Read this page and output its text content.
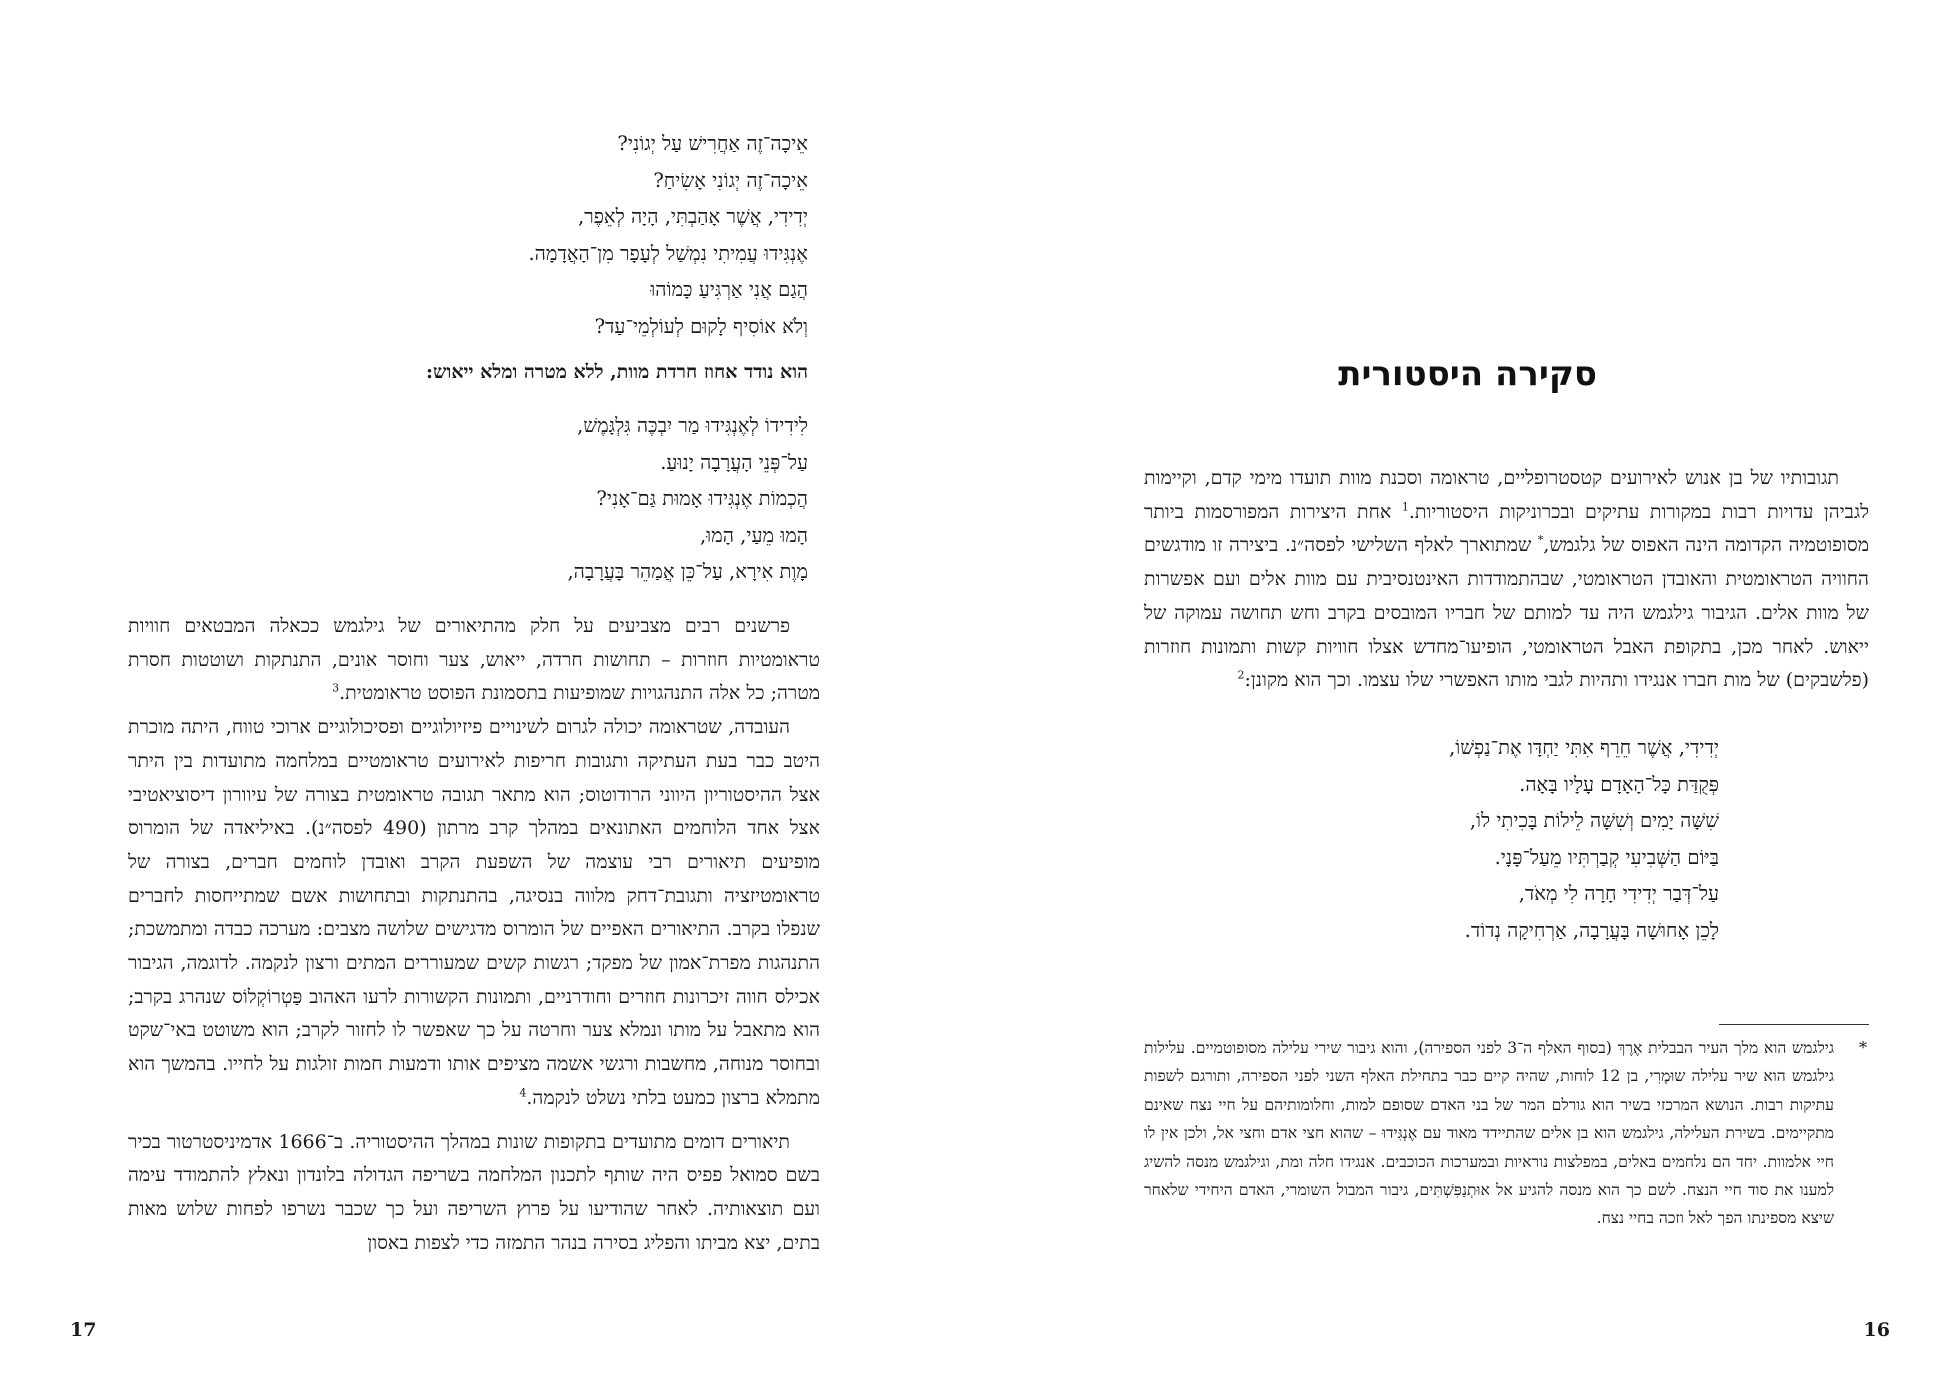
אֵיכָה־זֶה אַחֲרִישׁ עַל יְגוֹנִי?
אֵיכָה־זֶה יְגוֹנִי אָשִׂיחַ?
יְדִידִי, אֲשֶׁר אָהַבְתִּי, הָיָה לְאֵפֶר,
אֶנְגִּידוּ עֲמִיתִי נִמְשַׁל לְעָפָר מִן־הָאֲדָמָה.
הֲגַם אֲנִי אַרְגִּיעַ כָּמוֹהוּ
וְלֹא אוֹסִיף לָקוּם לְעוֹלְמֵי־עַד?

הוא נודד אחוז חרדת מוות, ללא מטרה ומלא ייאוש:

לִידִידוֹ לְאֶנְגִּידוּ מַר יִבְכֶּה גִּלְגָּמֶשׁ,
עַל־פְּנֵי הָעֲרָבָה יָנוּעַ.
הֲכְמוֹת אֶנְגִּידוּ אָמוּת גַּם־אָנִי?
הָמוּ מֵעַי, הָמוּ,
מָוֶת אִירָא, עַל־כֵּן אֲמַהֵר בָּעֲרָבָה,

פרשנים רבים מצביעים על חלק מהתיאורים של גילגמש ככאלה המבטאים חוויות טראומטיות חוזרות – תחושות חרדה, ייאוש, צער וחוסר אונים, התנתקות ושוטטות חסרת מטרה; כל אלה התנהגויות שמופיעות בתסמונת הפוסט טראומטית.$^3$

העובדה, שטראומה יכולה לגרום לשינויים פיזיולוגיים ופסיכולוגיים ארוכי טווח, היתה מוכרת היטב כבר בעת העתיקה ותגובות חריפות לאירועים טראומטיים במלחמה מתועדות בין היתר אצל ההיסטוריון היווני הרודוטוס; הוא מתאר תגובה טראומטית בצורה של עיוורון דיסוציאטיבי אצל אחד הלוחמים האתונאים במהלך קרב מרתון (490 לפסה״נ). באיליאדה של הומרוס מופיעים תיאורים רבי עוצמה של השפעת הקרב ואובדן לוחמים חברים, בצורה של טראומטיזציה ותגובת־דחק מלווה בנסיגה, בהתנתקות ובתחושות אשם שמתייחסות לחברים שנפלו בקרב. התיאורים האפיים של הומרוס מדגישים שלושה מצבים: מערכה כבדה ומתמשכת; התנהגות מפרת־אמון של מפקד; רגשות קשים שמעוררים המתים ורצון לנקמה. לדוגמה, הגיבור אכילס חווה זיכרונות חוזרים וחודרניים, ותמונות הקשורות לרעו האהוב פַּטְרוֹקְלוֹס שנהרג בקרב; הוא מתאבל על מותו ונמלא צער וחרטה על כך שאפשר לו לחזור לקרב; הוא משוטט באי־שקט ובחוסר מנוחה, מחשבות ורגשי אשמה מציפים אותו ודמעות חמות זולגות על לחייו. בהמשך הוא מתמלא ברצון כמעט בלתי נשלט לנקמה.$^4$

תיאורים דומים מתועדים בתקופות שונות במהלך ההיסטוריה. ב־1666 אדמיניסטרטור בכיר בשם סמואל פפיס היה שותף לתכנון המלחמה בשריפה הגדולה בלונדון ונאלץ להתמודד עימה ועם תוצאותיה. לאחר שהודיעו על פרוץ השריפה ועל כך שכבר נשרפו לפחות שלוש מאות בתים, יצא מביתו והפליג בסירה בנהר התמזה כדי לצפות באסון

17
סקירה היסטורית

תגובותיו של בן אנוש לאירועים קטסטרופליים, טראומה וסכנת מוות תועדו מימי קדם, וקיימות לגביהן עדויות רבות במקורות עתיקים ובכרוניקות היסטוריות.$^1$ אחת היצירות המפורסמות ביותר מסופוטמיה הקדומה הינה האפוס של גלגמש,* שמתוארך לאלף השלישי לפסה״נ. ביצירה זו מודגשים החוויה הטראומטית והאובדן הטראומטי, שבהתמודדות האינטנסיבית עם מוות אלים ועם אפשרות של מוות אלים. הגיבור גילגמש היה עד למותם של חבריו המובסים בקרב וחש תחושה עמוקה של ייאוש. לאחר מכן, בתקופת האבל הטראומטי, הופיעו־מחדש אצלו חוויות קשות ותמונות חוזרות (פלשבקים) של מות חברו אנגידו ותהיות לגבי מותו האפשרי שלו עצמו. וכך הוא מקונן:$^2$

יְדִידִי, אֲשֶׁר חֵרֵף אִתִּי יַחְדָּו אֶת־נַפְשׁוֹ,
פְּקֻדַּת כָּל־הָאָדָם עָלָיו בָּאָה.
שִׁשָּׁה יָמִים וְשִׁשָּׁה לֵילוֹת בָּכִיתִי לוֹ,
בַּיּוֹם הַשְּׁבִיעִי קְבַרְתִּיו מֵעַל־פָּנָי.
עַל־דְּבַר יְדִידִי חָרָה לִי מְאֹד,
לָכֵן אָחוּשָׁה בָּעֲרָבָה, אַרְחִיקָה נְדוֹד.
*

גילגמש הוא מלך העיר הבבלית אֶרֶךְ (בסוף האלף ה־3 לפני הספירה), והוא גיבור שירי עלילה מסופוטמיים. עלילות גילגמש הוא שיר עלילה שוּמֶרִי, בן 12 לוחות, שהיה קיים כבר בתחילת האלף השני לפני הספירה, ותורגם לשפות עתיקות רבות. הנושא המרכזי בשיר הוא גורלם המר של בני האדם שסופם למות, וחלומותיהם על חיי נצח שאינם מתקיימים. בשירת העלילה, גילגמש הוא בן אלים שהתיידד מאוד עם אֶנְגִּידוּ – שהוא חצי אדם וחצי אל, ולכן אין לו חיי אלמוות. יחד הם נלחמים באלים, במפלצות נוראיות ובמערכות הכוכבים. אנגידו חלה ומת, וגילגמש מנסה להשיג למענו את סוד חיי הנצח. לשם כך הוא מנסה להגיע אל אוּתְנַפִּשְׁתִּים, גיבור המבול השומרי, האדם היחידי שלאחר שיצא מספינתו הפך לאל וזכה בחיי נצח.

16
